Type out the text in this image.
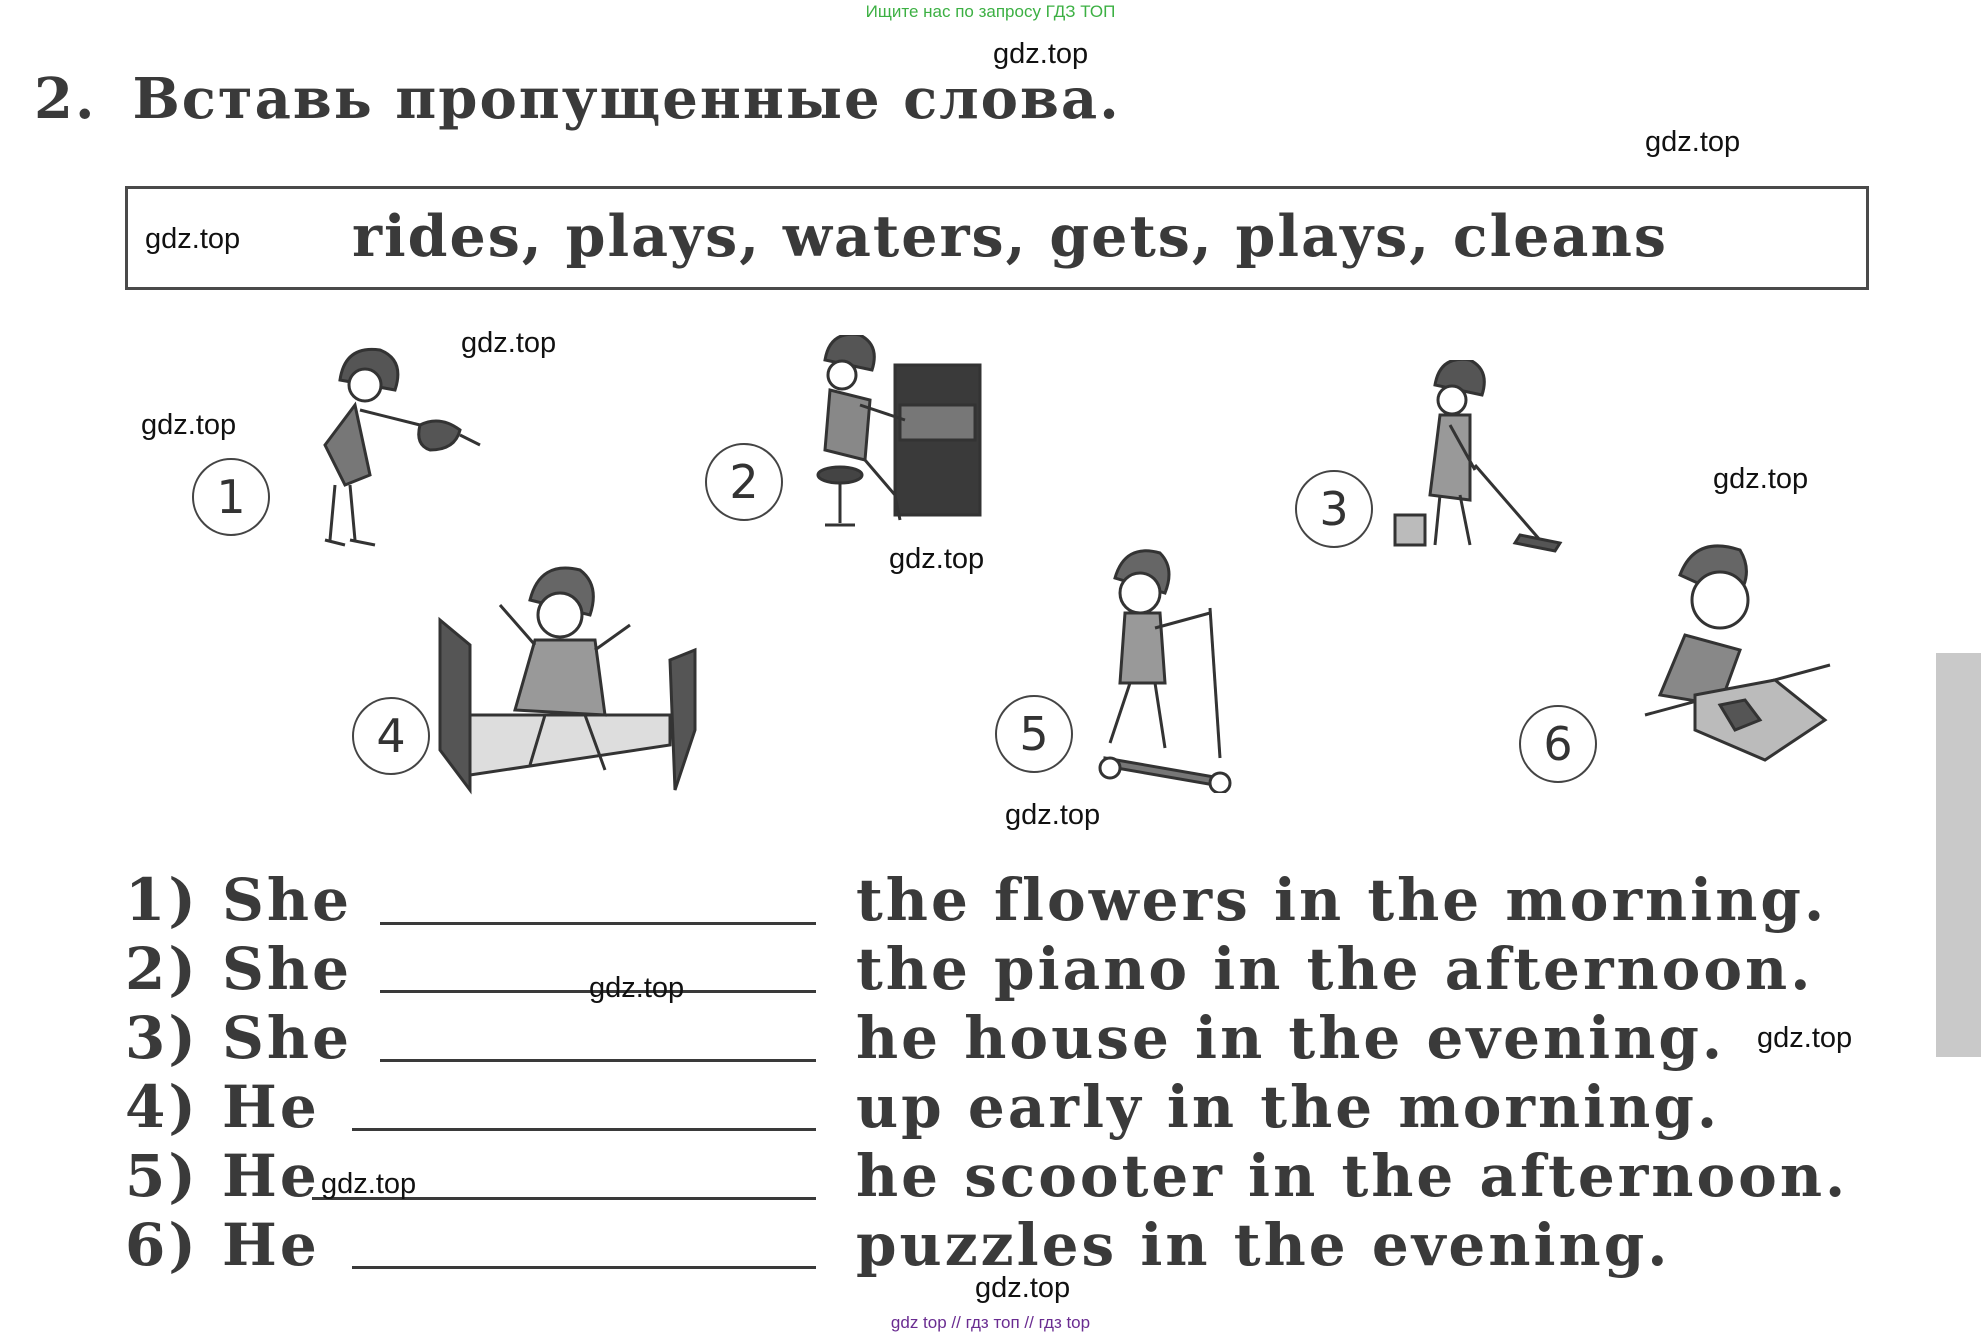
Ищите нас по запросу ГДЗ ТОП
2. Вставь пропущенные слова.
rides, plays, waters, gets, plays, cleans
1	2	3
4	5	6
1) She	the flowers in the morning.
2) She	the piano in the afternoon.
3) She	he house in the evening.
4) He	up early in the morning.
5) He	he scooter in the afternoon.
6) He	puzzles in the evening.
gdz.top
gdz.top
gdz.top
gdz.top
gdz.top
gdz.top
gdz.top
gdz.top
gdz.top
gdz.top
gdz.top
gdz.top
gdz top // гдз топ // гдз top
